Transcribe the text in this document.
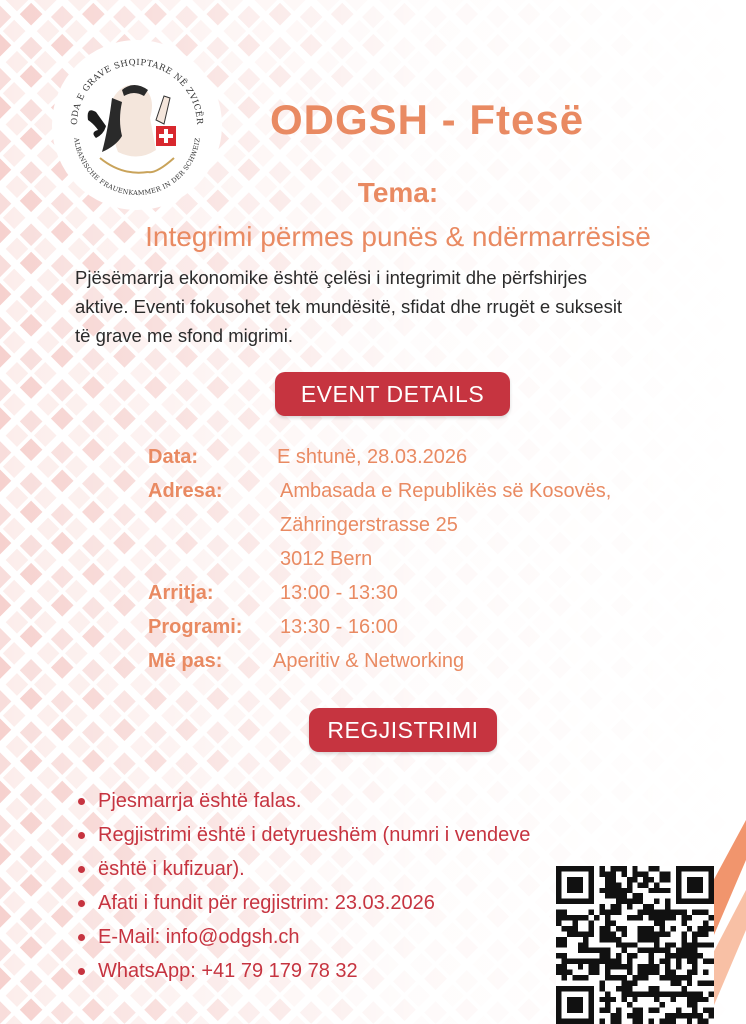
ODA E GRAVE SHQIPTARE NË ZVICËR
ALBANISCHE FRAUENKAMMER IN DER SCHWEIZ ODGSH - Ftesë
Tema:
Integrimi përmes punës & ndërmarrësisë
Pjësëmarrja ekonomike është çelësi i integrimit dhe përfshirjes
aktive. Eventi fokusohet tek mundësitë, sfidat dhe rrugët e suksesit
të grave me sfond migrimi.
EVENT DETAILS
Data:	E shtunë, 28.03.2026
Adresa:	Ambasada e Republikës së Kosovës,
Zähringerstrasse 25
3012 Bern
Arritja:	13:00 - 13:30
Programi: 13:30 - 16:00
Më pas:	Aperitiv & Networking
REGJISTRIMI
Pjesmarrja është falas.
Regjistrimi është i detyrueshëm (numri i vendeve
është i kufizuar).
Afati i fundit për regjistrim: 23.03.2026
E-Mail: info@odgsh.ch
WhatsApp: +41 79 179 78 32
